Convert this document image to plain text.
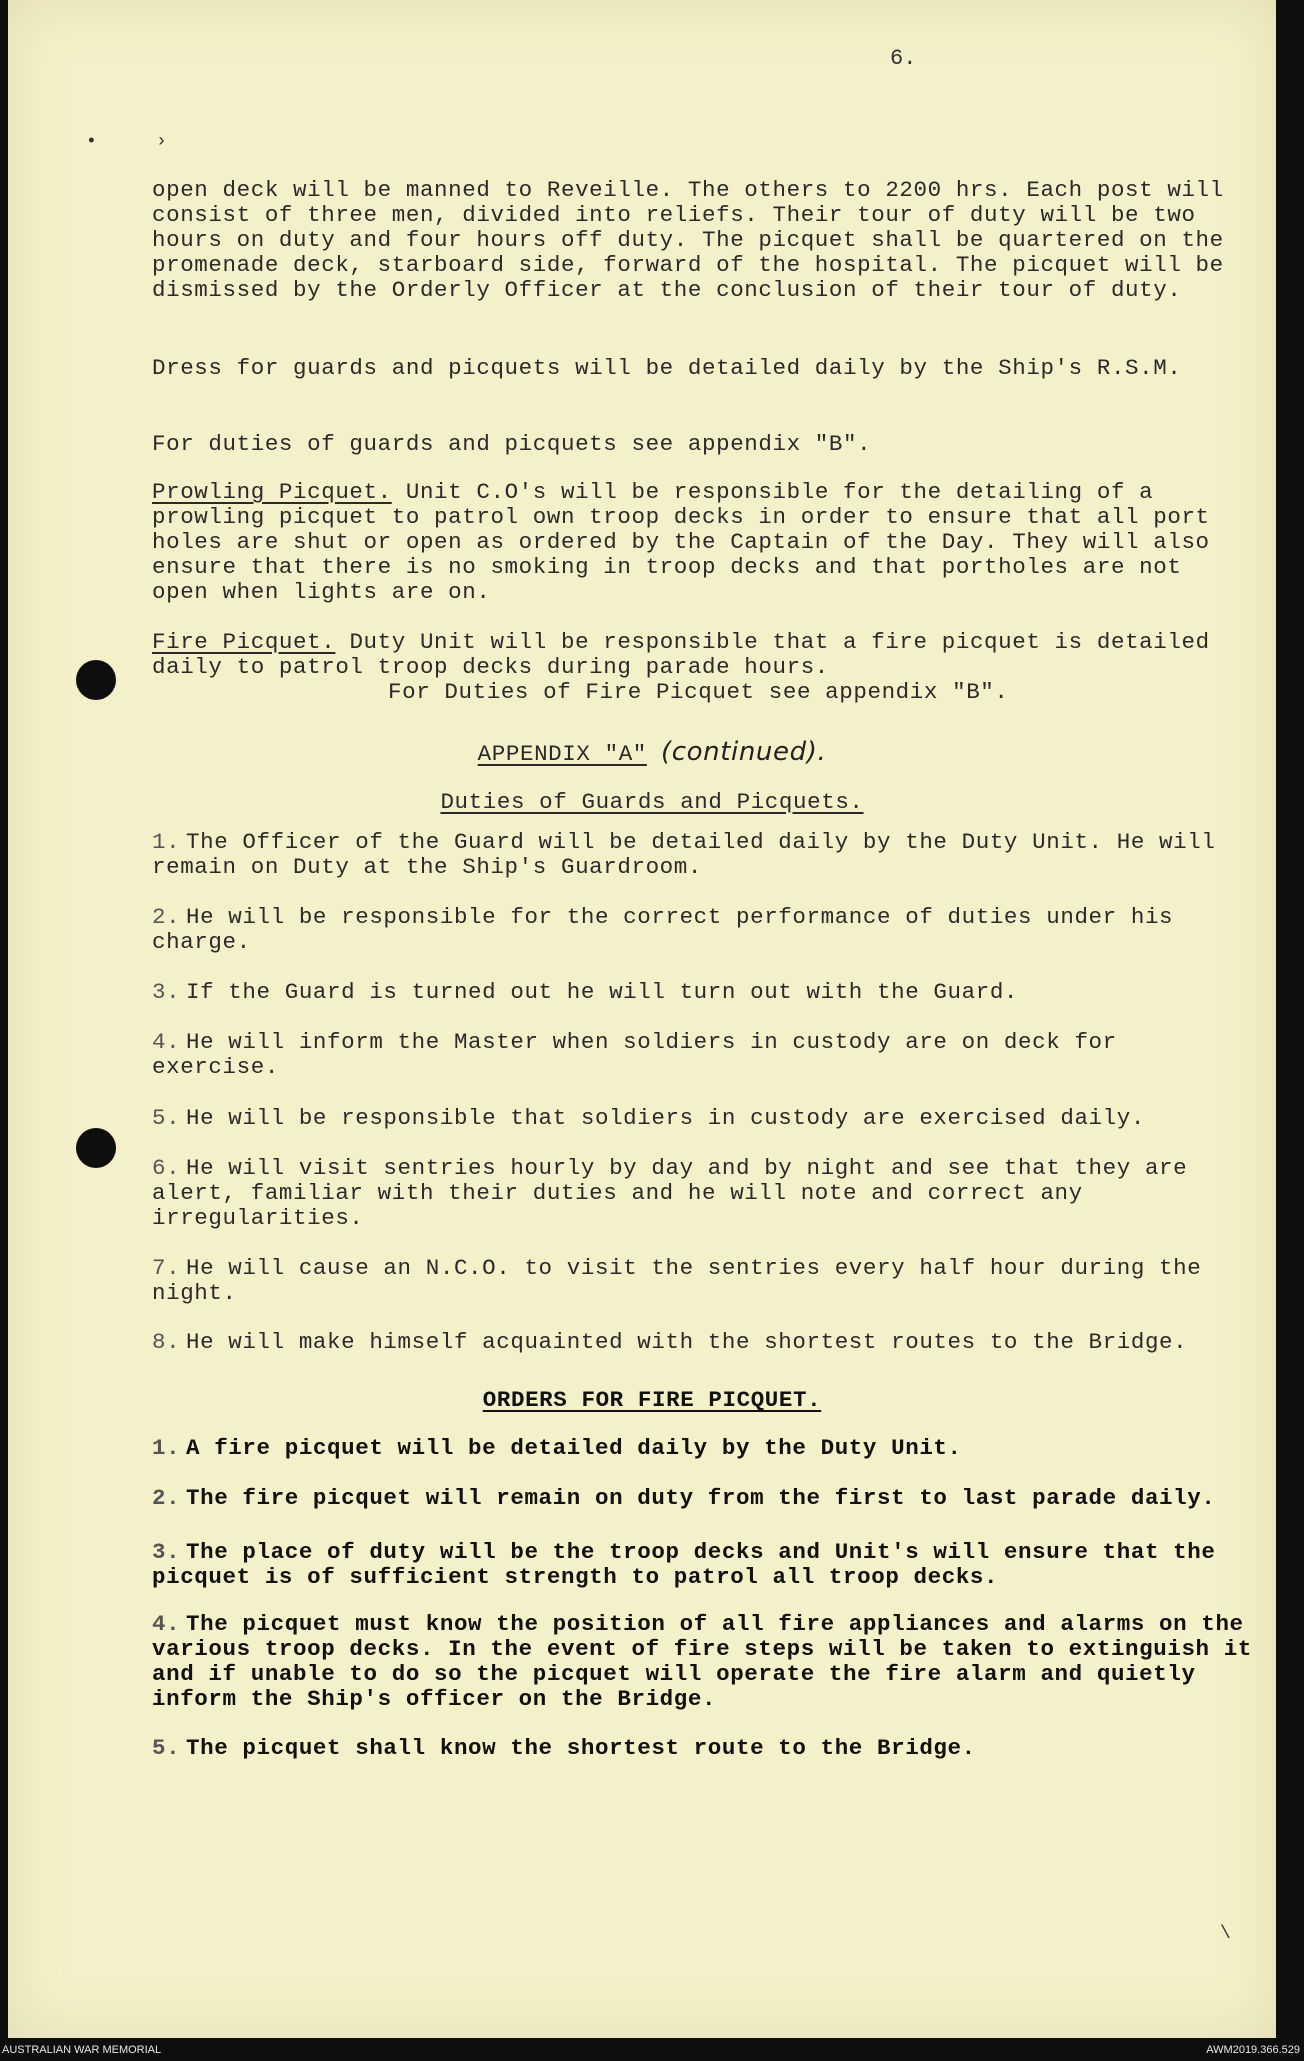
6.
›
•
open deck will be manned to Reveille. The others to 2200 hrs. Each post will consist of three men, divided into reliefs. Their tour of duty will be two hours on duty and four hours off duty. The picquet shall be quartered on the promenade deck, starboard side, forward of the hospital. The picquet will be dismissed by the Orderly Officer at the conclusion of their tour of duty.
Dress for guards and picquets will be detailed daily by the Ship's R.S.M.
For duties of guards and picquets see appendix "B".
Prowling Picquet. Unit C.O's will be responsible for the detailing of a prowling picquet to patrol own troop decks in order to ensure that all port holes are shut or open as ordered by the Captain of the Day. They will also ensure that there is no smoking in troop decks and that portholes are not open when lights are on.
Fire Picquet. Duty Unit will be responsible that a fire picquet is detailed daily to patrol troop decks during parade hours.
For Duties of Fire Picquet see appendix "B".
APPENDIX "A" (continued).
Duties of Guards and Picquets.
1. The Officer of the Guard will be detailed daily by the Duty Unit. He will remain on Duty at the Ship's Guardroom.
2. He will be responsible for the correct performance of duties under his charge.
3. If the Guard is turned out he will turn out with the Guard.
4. He will inform the Master when soldiers in custody are on deck for exercise.
5. He will be responsible that soldiers in custody are exercised daily.
6. He will visit sentries hourly by day and by night and see that they are alert, familiar with their duties and he will note and correct any irregularities.
7. He will cause an N.C.O. to visit the sentries every half hour during the night.
8. He will make himself acquainted with the shortest routes to the Bridge.
ORDERS FOR FIRE PICQUET.
1. A fire picquet will be detailed daily by the Duty Unit.
2. The fire picquet will remain on duty from the first to last parade daily.
3. The place of duty will be the troop decks and Unit's will ensure that the picquet is of sufficient strength to patrol all troop decks.
4. The picquet must know the position of all fire appliances and alarms on the various troop decks. In the event of fire steps will be taken to extinguish it and if unable to do so the picquet will operate the fire alarm and quietly inform the Ship's officer on the Bridge.
5. The picquet shall know the shortest route to the Bridge.
\
AUSTRALIAN WAR MEMORIAL	AWM2019.366.529
